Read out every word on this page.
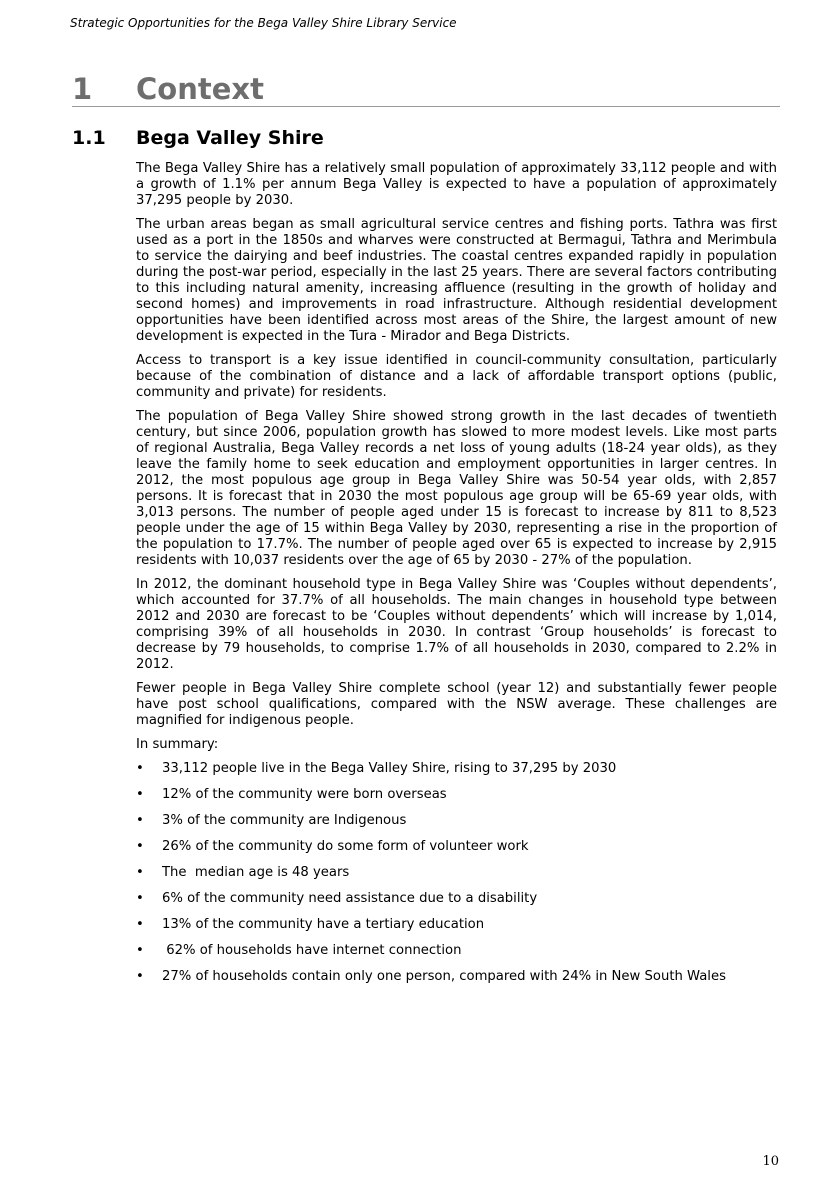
Strategic Opportunities for the Bega Valley Shire Library Service
1 Context
1.1 Bega Valley Shire

The Bega Valley Shire has a relatively small population of approximately 33,112 people and with a growth of 1.1% per annum Bega Valley is expected to have a population of approximately 37,295 people by 2030.

The urban areas began as small agricultural service centres and fishing ports. Tathra was first used as a port in the 1850s and wharves were constructed at Bermagui, Tathra and Merimbula to service the dairying and beef industries. The coastal centres expanded rapidly in population during the post-war period, especially in the last 25 years. There are several factors contributing to this including natural amenity, increasing affluence (resulting in the growth of holiday and second homes) and improvements in road infrastructure. Although residential development opportunities have been identified across most areas of the Shire, the largest amount of new development is expected in the Tura - Mirador and Bega Districts.

Access to transport is a key issue identified in council-community consultation, particularly because of the combination of distance and a lack of affordable transport options (public, community and private) for residents.

The population of Bega Valley Shire showed strong growth in the last decades of twentieth century, but since 2006, population growth has slowed to more modest levels. Like most parts of regional Australia, Bega Valley records a net loss of young adults (18-24 year olds), as they leave the family home to seek education and employment opportunities in larger centres. In 2012, the most populous age group in Bega Valley Shire was 50-54 year olds, with 2,857 persons. It is forecast that in 2030 the most populous age group will be 65-69 year olds, with 3,013 persons. The number of people aged under 15 is forecast to increase by 811 to 8,523 people under the age of 15 within Bega Valley by 2030, representing a rise in the proportion of the population to 17.7%. The number of people aged over 65 is expected to increase by 2,915 residents with 10,037 residents over the age of 65 by 2030 - 27% of the population.

In 2012, the dominant household type in Bega Valley Shire was ‘Couples without dependents’, which accounted for 37.7% of all households. The main changes in household type between 2012 and 2030 are forecast to be ‘Couples without dependents’ which will increase by 1,014, comprising 39% of all households in 2030. In contrast ‘Group households’ is forecast to decrease by 79 households, to comprise 1.7% of all households in 2030, compared to 2.2% in 2012.

Fewer people in Bega Valley Shire complete school (year 12) and substantially fewer people have post school qualifications, compared with the NSW average. These challenges are magnified for indigenous people.

In summary:

• 33,112 people live in the Bega Valley Shire, rising to 37,295 by 2030
• 12% of the community were born overseas
• 3% of the community are Indigenous
• 26% of the community do some form of volunteer work
• The  median age is 48 years
• 6% of the community need assistance due to a disability
• 13% of the community have a tertiary education
• 62% of households have internet connection
• 27% of households contain only one person, compared with 24% in New South Wales
10
